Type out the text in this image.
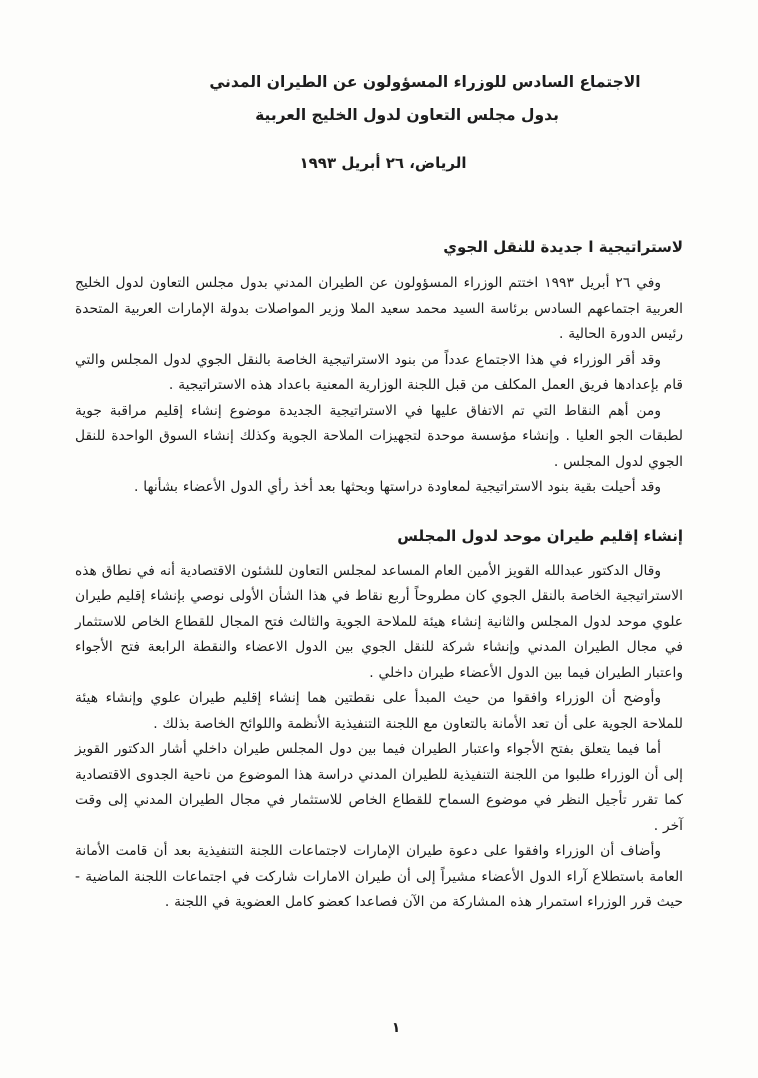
الاجتماع السادس للوزراء المسؤولون عن الطيران المدني
بدول مجلس التعاون لدول الخليج العربية
الرياض، ٢٦ أبريل ١٩٩٣
لاستراتيجية ا جديدة للنقل الجوي

وفي ٢٦ أبريل ١٩٩٣ اختتم الوزراء المسؤولون عن الطيران المدني بدول مجلس التعاون لدول الخليج العربية اجتماعهم السادس برئاسة السيد محمد سعيد الملا وزير المواصلات بدولة الإمارات العربية المتحدة رئيس الدورة الحالية .

وقد أقر الوزراء في هذا الاجتماع عدداً من بنود الاستراتيجية الخاصة بالنقل الجوي لدول المجلس والتي قام بإعدادها فريق العمل المكلف من قبل اللجنة الوزارية المعنية باعداد هذه الاستراتيجية .

ومن أهم النقاط التي تم الاتفاق عليها في الاستراتيجية الجديدة موضوع إنشاء إقليم مراقبة جوية لطبقات الجو العليا . وإنشاء مؤسسة موحدة لتجهيزات الملاحة الجوية وكذلك إنشاء السوق الواحدة للنقل الجوي لدول المجلس .

وقد أحيلت بقية بنود الاستراتيجية لمعاودة دراستها وبحثها بعد أخذ رأي الدول الأعضاء بشأنها .

إنشاء إقليم طيران موحد لدول المجلس

وقال الدكتور عبدالله القويز الأمين العام المساعد لمجلس التعاون للشئون الاقتصادية أنه في نطاق هذه الاستراتيجية الخاصة بالنقل الجوي كان مطروحاً أربع نقاط في هذا الشأن الأولى نوصي بإنشاء إقليم طيران علوي موحد لدول المجلس والثانية إنشاء هيئة للملاحة الجوية والثالث فتح المجال للقطاع الخاص للاستثمار في مجال الطيران المدني وإنشاء شركة للنقل الجوي بين الدول الاعضاء والنقطة الرابعة فتح الأجواء واعتبار الطيران فيما بين الدول الأعضاء طيران داخلي .

وأوضح أن الوزراء وافقوا من حيث المبدأ على نقطتين هما إنشاء إقليم طيران علوي وإنشاء هيئة للملاحة الجوية على أن تعد الأمانة بالتعاون مع اللجنة التنفيذية الأنظمة واللوائح الخاصة بذلك .

أما فيما يتعلق بفتح الأجواء واعتبار الطيران فيما بين دول المجلس طيران داخلي أشار الدكتور القويز إلى أن الوزراء طلبوا من اللجنة التنفيذية للطيران المدني دراسة هذا الموضوع من ناحية الجدوى الاقتصادية كما تقرر تأجيل النظر في موضوع السماح للقطاع الخاص للاستثمار في مجال الطيران المدني إلى وقت آخر .

وأضاف أن الوزراء وافقوا على دعوة طيران الإمارات لاجتماعات اللجنة التنفيذية بعد أن قامت الأمانة العامة باستطلاع آراء الدول الأعضاء مشيراً إلى أن طيران الامارات شاركت في اجتماعات اللجنة الماضية - حيث قرر الوزراء استمرار هذه المشاركة من الآن فصاعدا كعضو كامل العضوية في اللجنة .

١
